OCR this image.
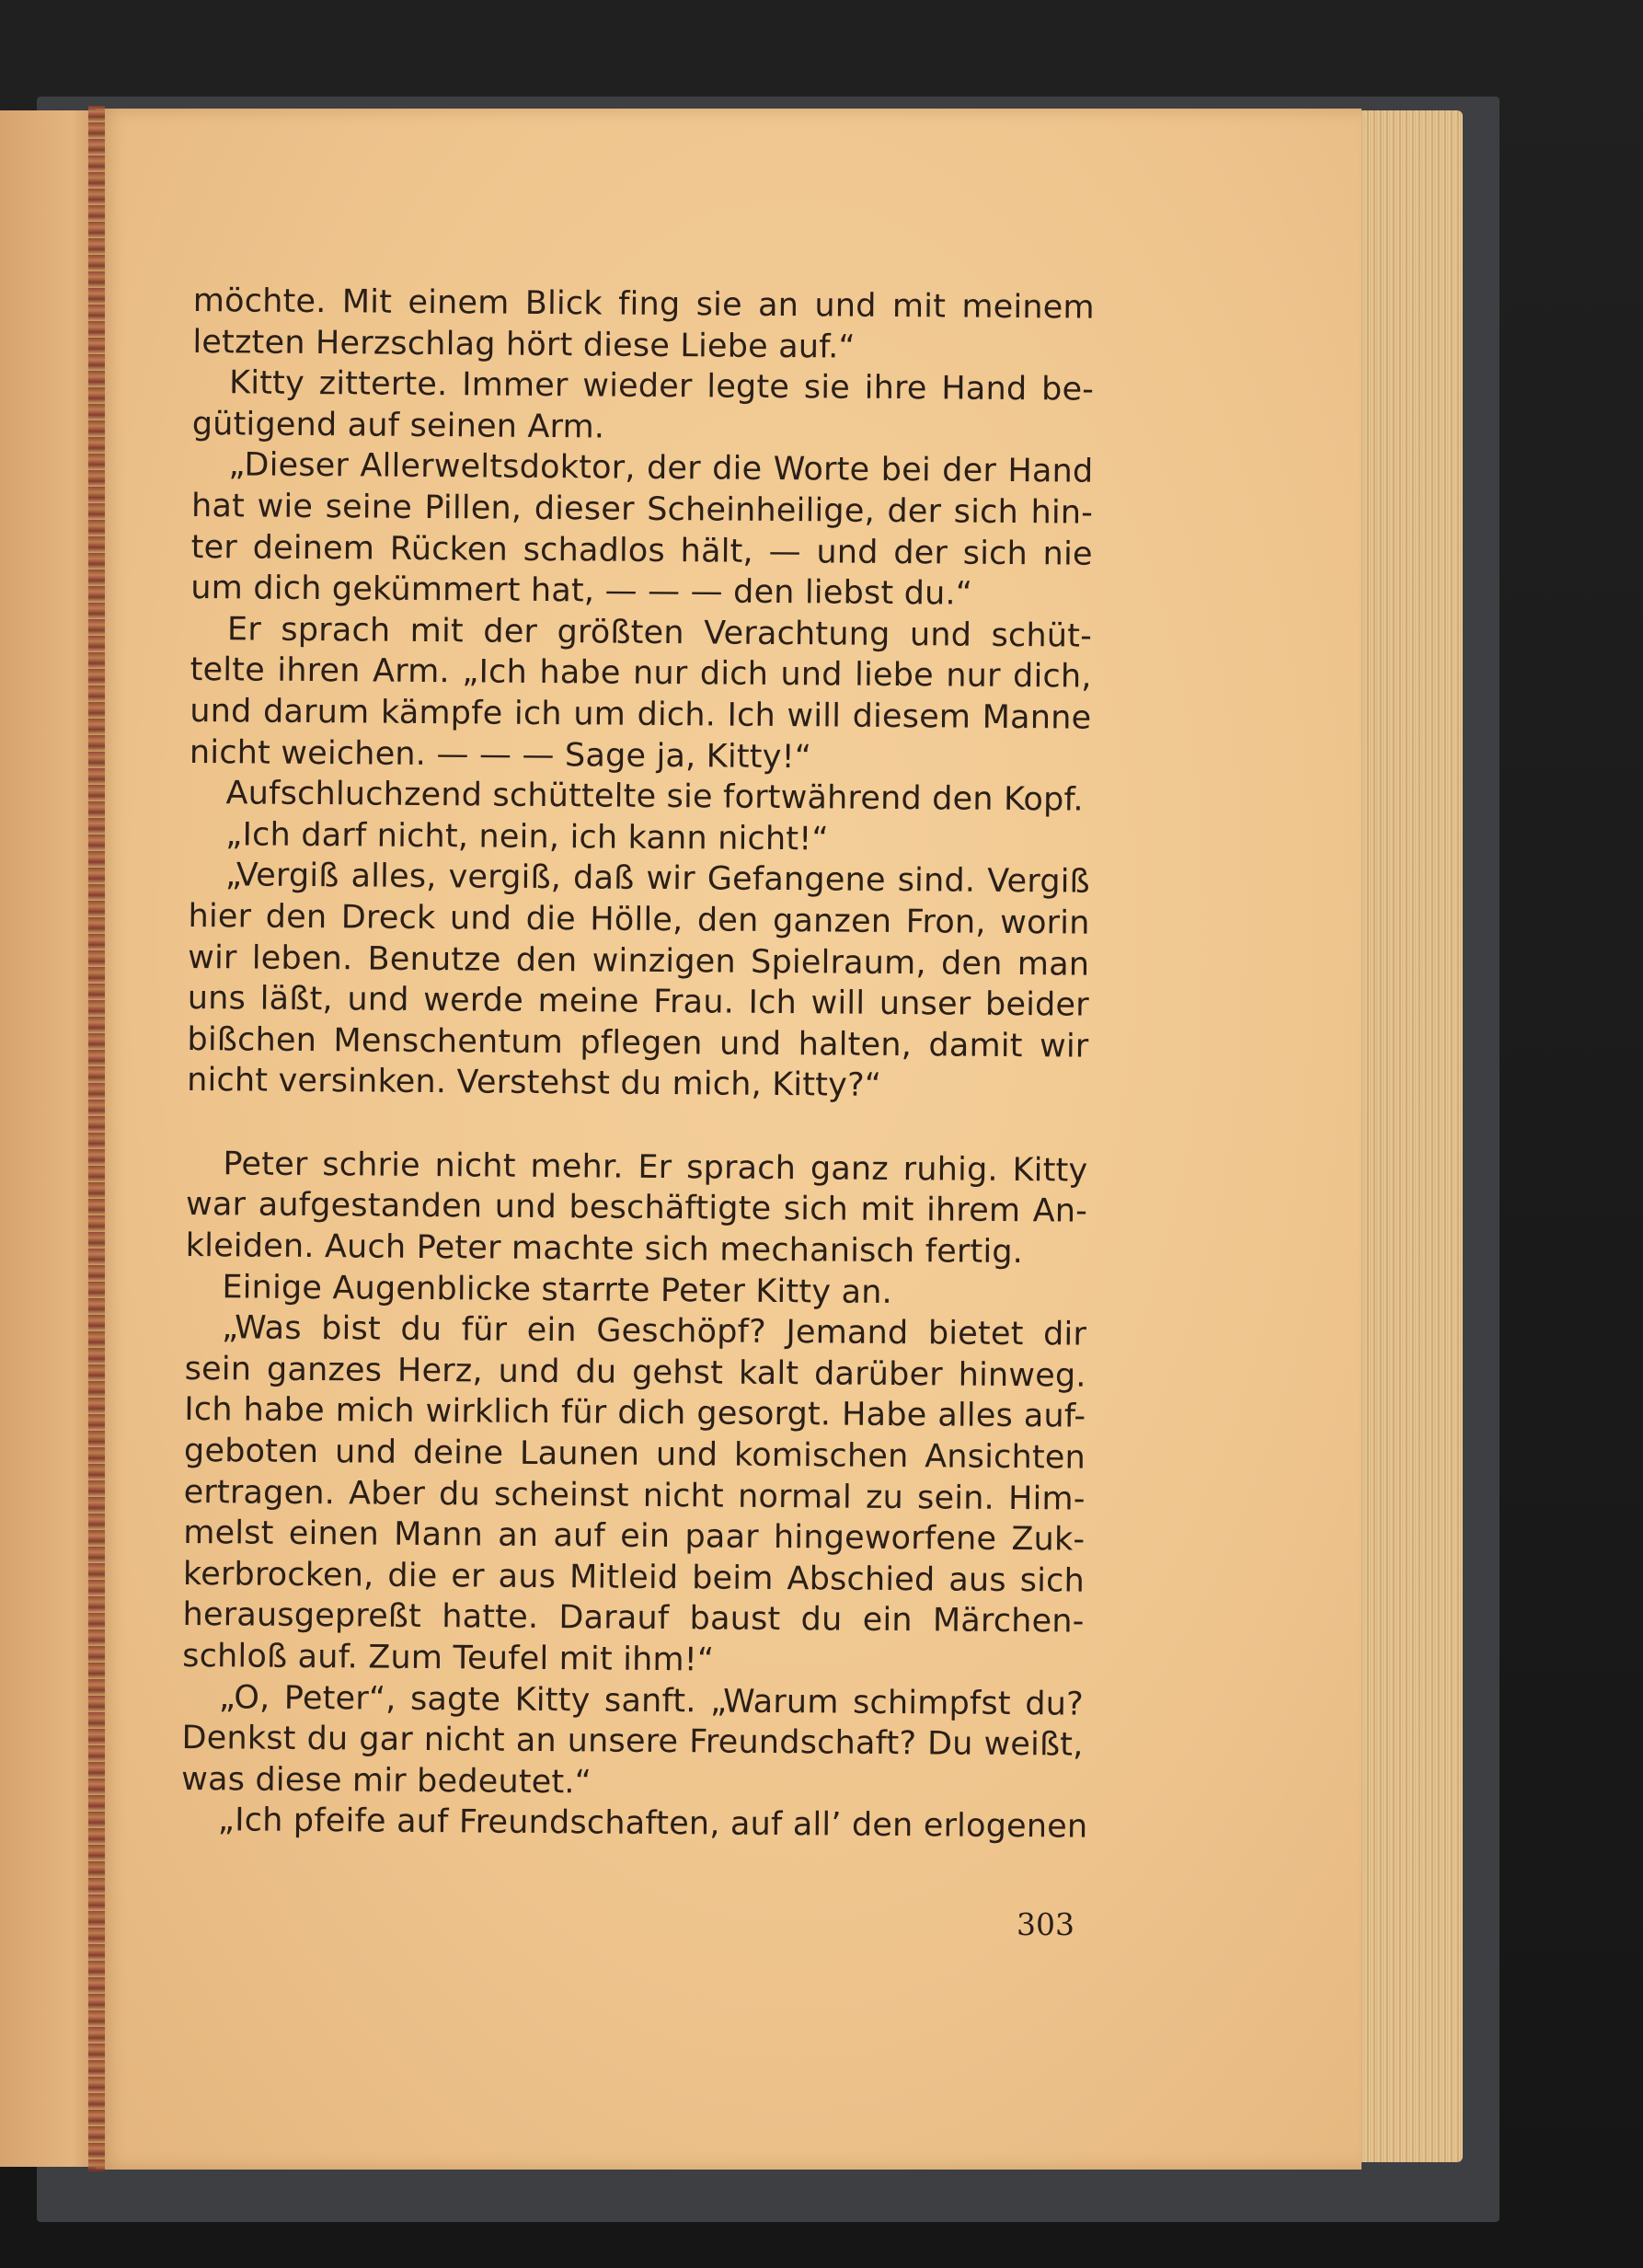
möchte. Mit einem Blick fing sie an und mit meinem
letzten Herzschlag hört diese Liebe auf.“
Kitty zitterte. Immer wieder legte sie ihre Hand be-
gütigend auf seinen Arm.
„Dieser Allerweltsdoktor, der die Worte bei der Hand
hat wie seine Pillen, dieser Scheinheilige, der sich hin-
ter deinem Rücken schadlos hält, — und der sich nie
um dich gekümmert hat, — — — den liebst du.“
Er sprach mit der größten Verachtung und schüt-
telte ihren Arm. „Ich habe nur dich und liebe nur dich,
und darum kämpfe ich um dich. Ich will diesem Manne
nicht weichen. — — — Sage ja, Kitty!“
Aufschluchzend schüttelte sie fortwährend den Kopf.
„Ich darf nicht, nein, ich kann nicht!“
„Vergiß alles, vergiß, daß wir Gefangene sind. Vergiß
hier den Dreck und die Hölle, den ganzen Fron, worin
wir leben. Benutze den winzigen Spielraum, den man
uns läßt, und werde meine Frau. Ich will unser beider
bißchen Menschentum pflegen und halten, damit wir
nicht versinken. Verstehst du mich, Kitty?“
Peter schrie nicht mehr. Er sprach ganz ruhig. Kitty
war aufgestanden und beschäftigte sich mit ihrem An-
kleiden. Auch Peter machte sich mechanisch fertig.
Einige Augenblicke starrte Peter Kitty an.
„Was bist du für ein Geschöpf? Jemand bietet dir
sein ganzes Herz, und du gehst kalt darüber hinweg.
Ich habe mich wirklich für dich gesorgt. Habe alles auf-
geboten und deine Launen und komischen Ansichten
ertragen. Aber du scheinst nicht normal zu sein. Him-
melst einen Mann an auf ein paar hingeworfene Zuk-
kerbrocken, die er aus Mitleid beim Abschied aus sich
herausgepreßt hatte. Darauf baust du ein Märchen-
schloß auf. Zum Teufel mit ihm!“
„O, Peter“, sagte Kitty sanft. „Warum schimpfst du?
Denkst du gar nicht an unsere Freundschaft? Du weißt,
was diese mir bedeutet.“
„Ich pfeife auf Freundschaften, auf all’ den erlogenen
303
